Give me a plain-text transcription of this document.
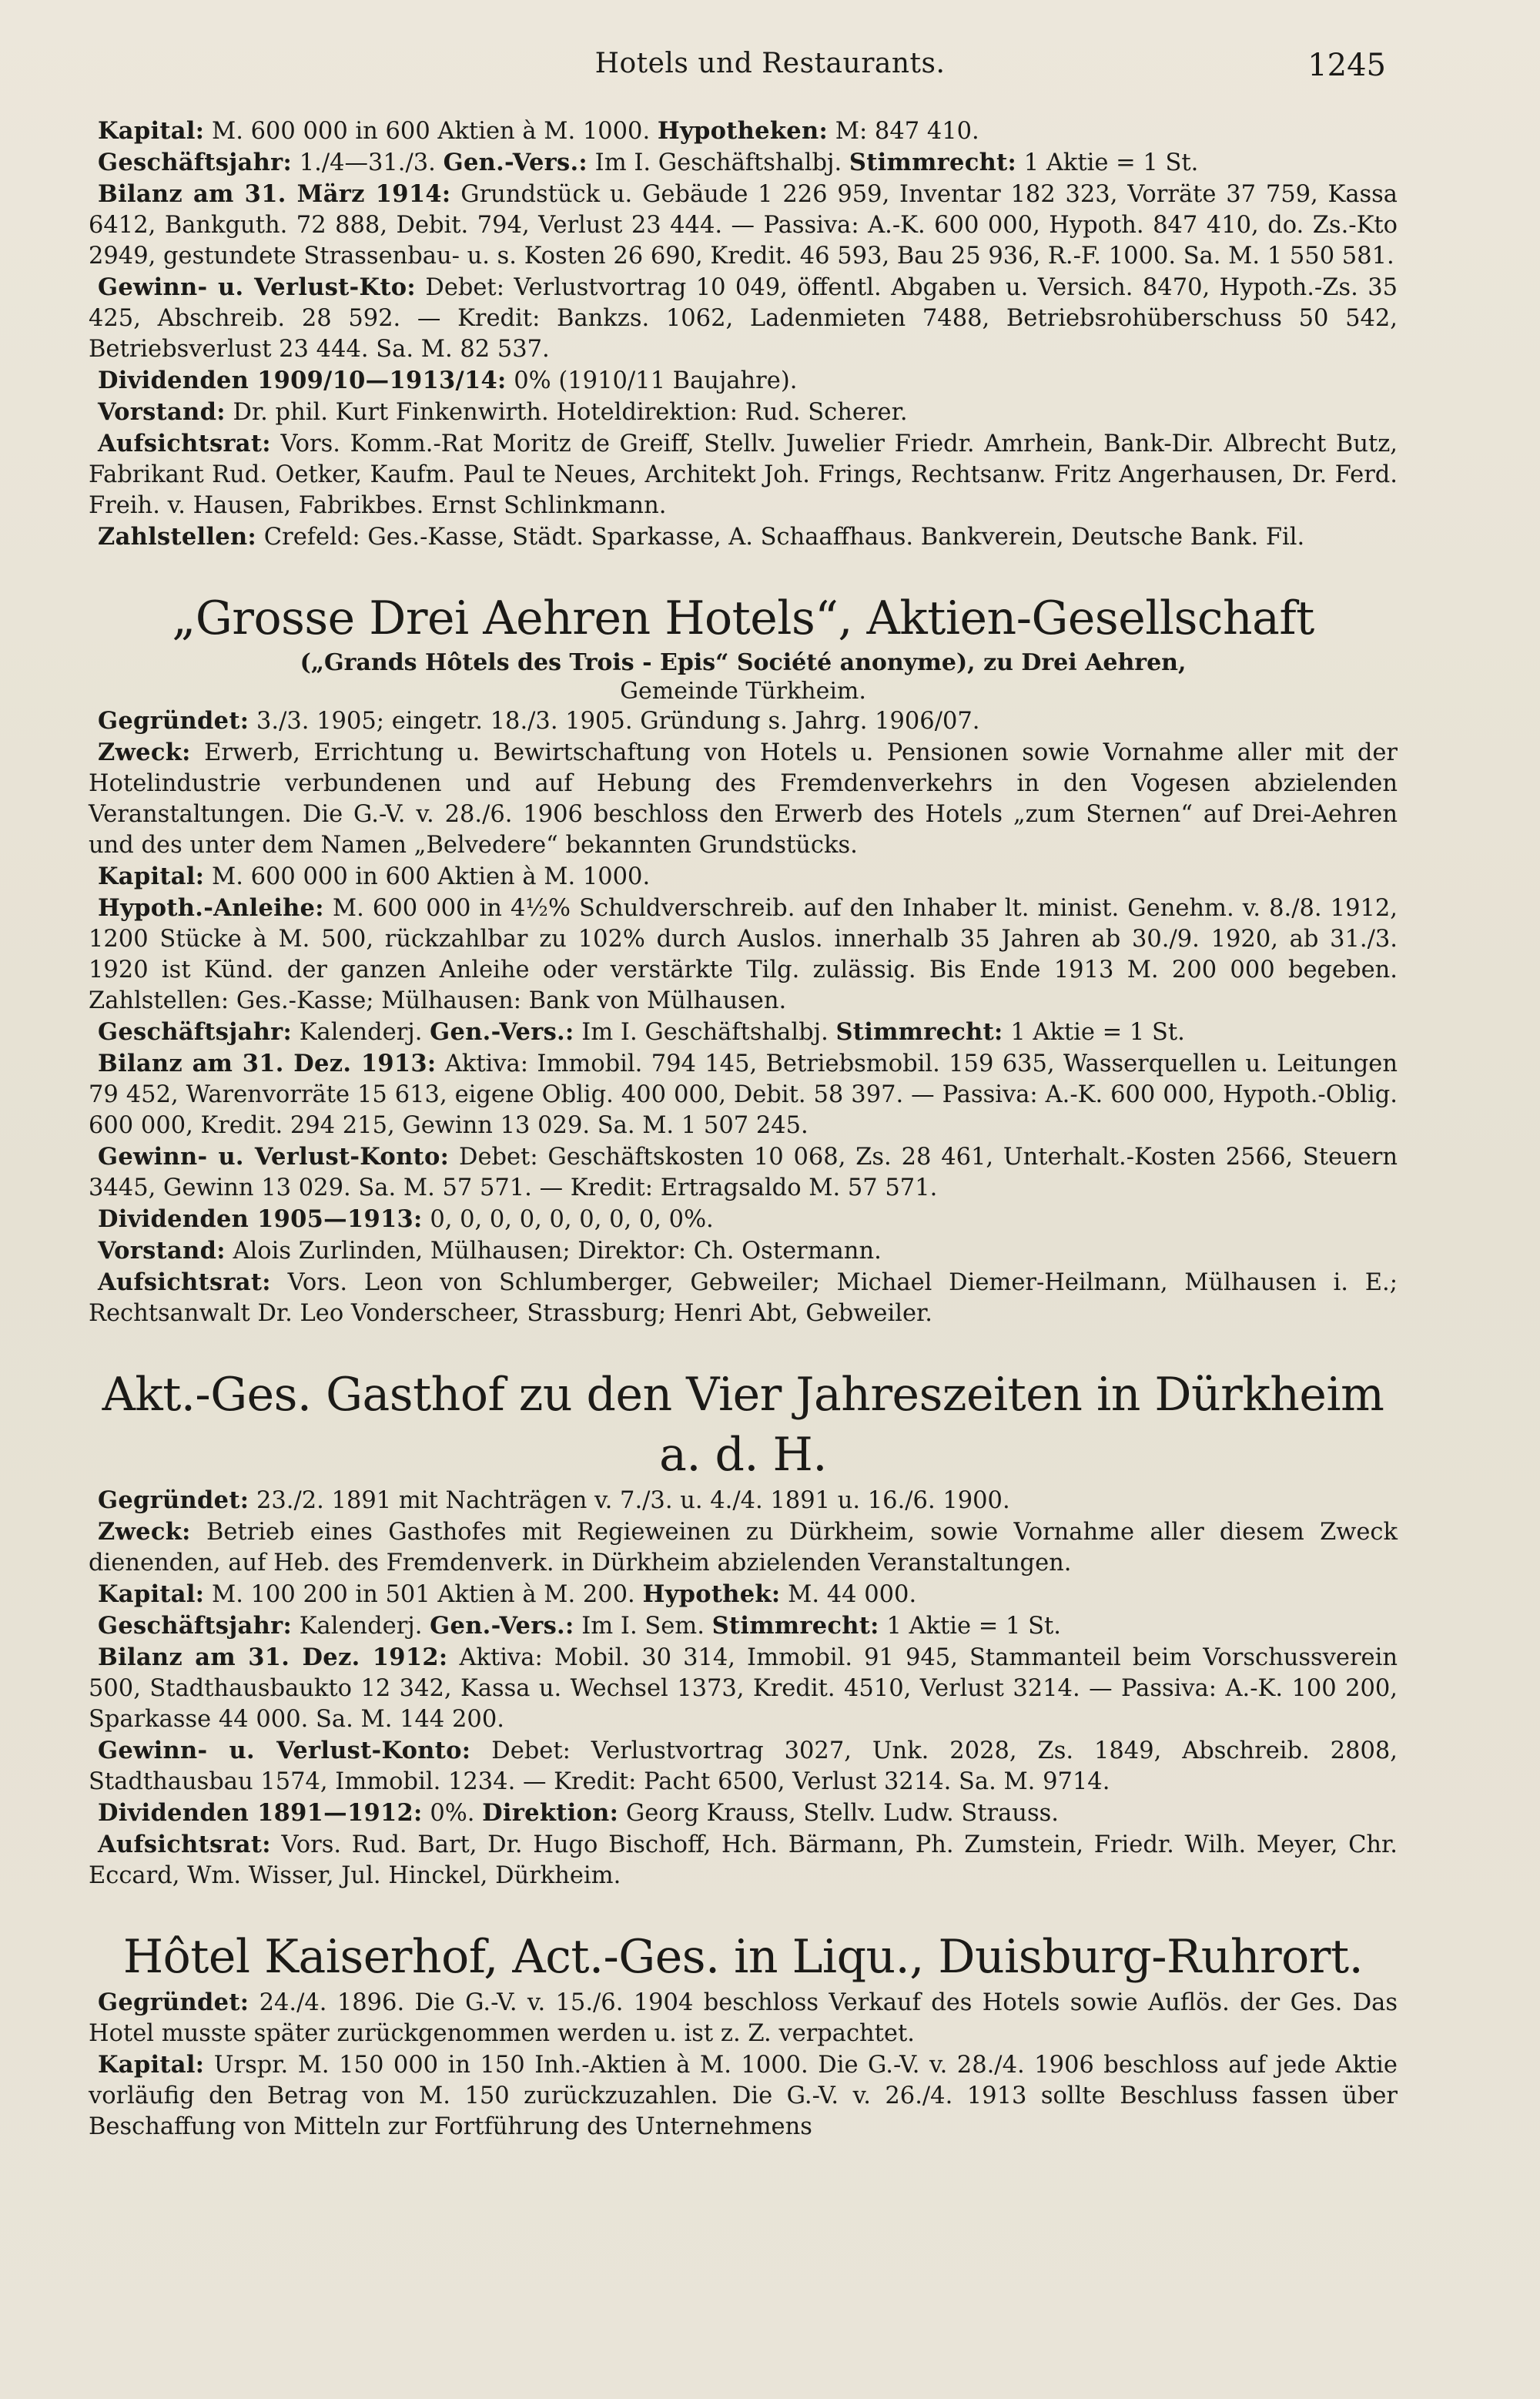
Hotels und Restaurants.	1245

Kapital: M. 600 000 in 600 Aktien à M. 1000. Hypotheken: M: 847 410.

Geschäftsjahr: 1./4—31./3. Gen.-Vers.: Im I. Geschäftshalbj. Stimmrecht: 1 Aktie = 1 St.

Bilanz am 31. März 1914: Grundstück u. Gebäude 1 226 959, Inventar 182 323, Vorräte 37 759, Kassa 6412, Bankguth. 72 888, Debit. 794, Verlust 23 444. — Passiva: A.-K. 600 000, Hypoth. 847 410, do. Zs.-Kto 2949, gestundete Strassenbau- u. s. Kosten 26 690, Kredit. 46 593, Bau 25 936, R.-F. 1000. Sa. M. 1 550 581.

Gewinn- u. Verlust-Kto: Debet: Verlustvortrag 10 049, öffentl. Abgaben u. Versich. 8470, Hypoth.-Zs. 35 425, Abschreib. 28 592. — Kredit: Bankzs. 1062, Ladenmieten 7488, Betriebsrohüberschuss 50 542, Betriebsverlust 23 444. Sa. M. 82 537.

Dividenden 1909/10—1913/14: 0% (1910/11 Baujahre).

Vorstand: Dr. phil. Kurt Finkenwirth. Hoteldirektion: Rud. Scherer.

Aufsichtsrat: Vors. Komm.-Rat Moritz de Greiff, Stellv. Juwelier Friedr. Amrhein, Bank-Dir. Albrecht Butz, Fabrikant Rud. Oetker, Kaufm. Paul te Neues, Architekt Joh. Frings, Rechtsanw. Fritz Angerhausen, Dr. Ferd. Freih. v. Hausen, Fabrikbes. Ernst Schlinkmann.

Zahlstellen: Crefeld: Ges.-Kasse, Städt. Sparkasse, A. Schaaffhaus. Bankverein, Deutsche Bank. Fil.

„Grosse Drei Aehren Hotels“, Aktien-Gesellschaft
(„Grands Hôtels des Trois - Epis“ Société anonyme), zu Drei Aehren,
Gemeinde Türkheim.

Gegründet: 3./3. 1905; eingetr. 18./3. 1905. Gründung s. Jahrg. 1906/07.

Zweck: Erwerb, Errichtung u. Bewirtschaftung von Hotels u. Pensionen sowie Vornahme aller mit der Hotelindustrie verbundenen und auf Hebung des Fremdenverkehrs in den Vogesen abzielenden Veranstaltungen. Die G.-V. v. 28./6. 1906 beschloss den Erwerb des Hotels „zum Sternen“ auf Drei-Aehren und des unter dem Namen „Belvedere“ bekannten Grundstücks.

Kapital: M. 600 000 in 600 Aktien à M. 1000.

Hypoth.-Anleihe: M. 600 000 in 4½% Schuldverschreib. auf den Inhaber lt. minist. Genehm. v. 8./8. 1912, 1200 Stücke à M. 500, rückzahlbar zu 102% durch Auslos. innerhalb 35 Jahren ab 30./9. 1920, ab 31./3. 1920 ist Künd. der ganzen Anleihe oder verstärkte Tilg. zulässig. Bis Ende 1913 M. 200 000 begeben. Zahlstellen: Ges.-Kasse; Mülhausen: Bank von Mülhausen.

Geschäftsjahr: Kalenderj. Gen.-Vers.: Im I. Geschäftshalbj. Stimmrecht: 1 Aktie = 1 St.

Bilanz am 31. Dez. 1913: Aktiva: Immobil. 794 145, Betriebsmobil. 159 635, Wasserquellen u. Leitungen 79 452, Warenvorräte 15 613, eigene Oblig. 400 000, Debit. 58 397. — Passiva: A.-K. 600 000, Hypoth.-Oblig. 600 000, Kredit. 294 215, Gewinn 13 029. Sa. M. 1 507 245.

Gewinn- u. Verlust-Konto: Debet: Geschäftskosten 10 068, Zs. 28 461, Unterhalt.-Kosten 2566, Steuern 3445, Gewinn 13 029. Sa. M. 57 571. — Kredit: Ertragsaldo M. 57 571.

Dividenden 1905—1913: 0, 0, 0, 0, 0, 0, 0, 0, 0%.

Vorstand: Alois Zurlinden, Mülhausen; Direktor: Ch. Ostermann.

Aufsichtsrat: Vors. Leon von Schlumberger, Gebweiler; Michael Diemer-Heilmann, Mülhausen i. E.; Rechtsanwalt Dr. Leo Vonderscheer, Strassburg; Henri Abt, Gebweiler.

Akt.-Ges. Gasthof zu den Vier Jahreszeiten in Dürkheim a. d. H.

Gegründet: 23./2. 1891 mit Nachträgen v. 7./3. u. 4./4. 1891 u. 16./6. 1900.

Zweck: Betrieb eines Gasthofes mit Regieweinen zu Dürkheim, sowie Vornahme aller diesem Zweck dienenden, auf Heb. des Fremdenverk. in Dürkheim abzielenden Veranstaltungen.

Kapital: M. 100 200 in 501 Aktien à M. 200. Hypothek: M. 44 000.

Geschäftsjahr: Kalenderj. Gen.-Vers.: Im I. Sem. Stimmrecht: 1 Aktie = 1 St.

Bilanz am 31. Dez. 1912: Aktiva: Mobil. 30 314, Immobil. 91 945, Stammanteil beim Vorschussverein 500, Stadthausbaukto 12 342, Kassa u. Wechsel 1373, Kredit. 4510, Verlust 3214. — Passiva: A.-K. 100 200, Sparkasse 44 000. Sa. M. 144 200.

Gewinn- u. Verlust-Konto: Debet: Verlustvortrag 3027, Unk. 2028, Zs. 1849, Abschreib. 2808, Stadthausbau 1574, Immobil. 1234. — Kredit: Pacht 6500, Verlust 3214. Sa. M. 9714.

Dividenden 1891—1912: 0%. Direktion: Georg Krauss, Stellv. Ludw. Strauss.

Aufsichtsrat: Vors. Rud. Bart, Dr. Hugo Bischoff, Hch. Bärmann, Ph. Zumstein, Friedr. Wilh. Meyer, Chr. Eccard, Wm. Wisser, Jul. Hinckel, Dürkheim.

Hôtel Kaiserhof, Act.-Ges. in Liqu., Duisburg-Ruhrort.

Gegründet: 24./4. 1896. Die G.-V. v. 15./6. 1904 beschloss Verkauf des Hotels sowie Auflös. der Ges. Das Hotel musste später zurückgenommen werden u. ist z. Z. verpachtet.

Kapital: Urspr. M. 150 000 in 150 Inh.-Aktien à M. 1000. Die G.-V. v. 28./4. 1906 beschloss auf jede Aktie vorläufig den Betrag von M. 150 zurückzuzahlen. Die G.-V. v. 26./4. 1913 sollte Beschluss fassen über Beschaffung von Mitteln zur Fortführung des Unternehmens
